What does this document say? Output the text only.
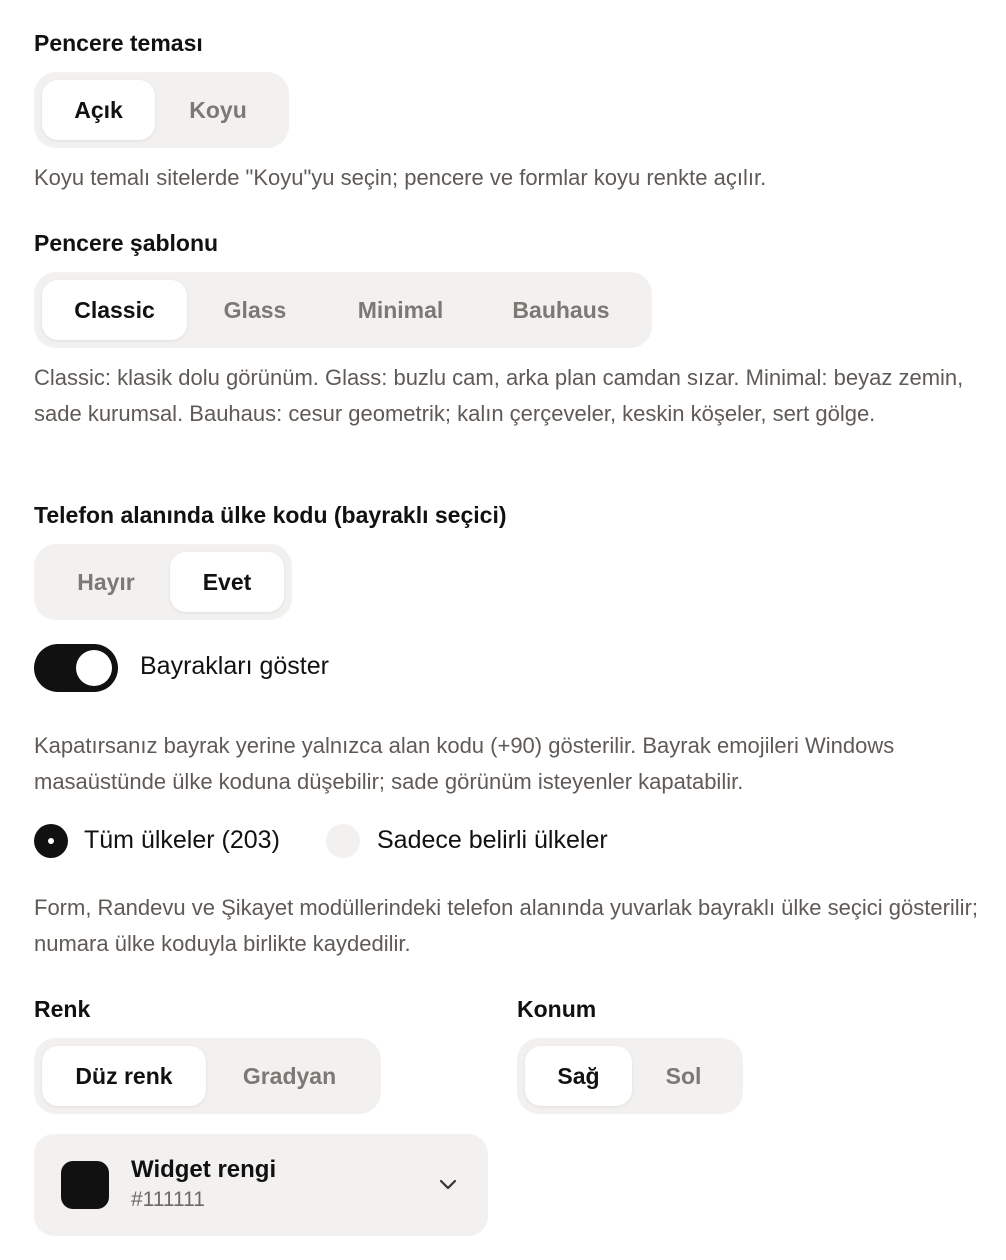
Pencere teması
Açık	Koyu
Koyu temalı sitelerde "Koyu"yu seçin; pencere ve formlar koyu renkte açılır.
Pencere şablonu
Classic	Glass	Minimal	Bauhaus
Classic: klasik dolu görünüm. Glass: buzlu cam, arka plan camdan sızar. Minimal: beyaz zemin, sade kurumsal. Bauhaus: cesur geometrik; kalın çerçeveler, keskin köşeler, sert gölge.
Telefon alanında ülke kodu (bayraklı seçici)
Hayır	Evet
Bayrakları göster
Kapatırsanız bayrak yerine yalnızca alan kodu (+90) gösterilir. Bayrak emojileri Windows masaüstünde ülke koduna düşebilir; sade görünüm isteyenler kapatabilir.
Tüm ülkeler (203)	Sadece belirli ülkeler
Form, Randevu ve Şikayet modüllerindeki telefon alanında yuvarlak bayraklı ülke seçici gösterilir; numara ülke koduyla birlikte kaydedilir.
Renk
Düz renk	Gradyan
Konum
Sağ	Sol
Widget rengi
#111111
